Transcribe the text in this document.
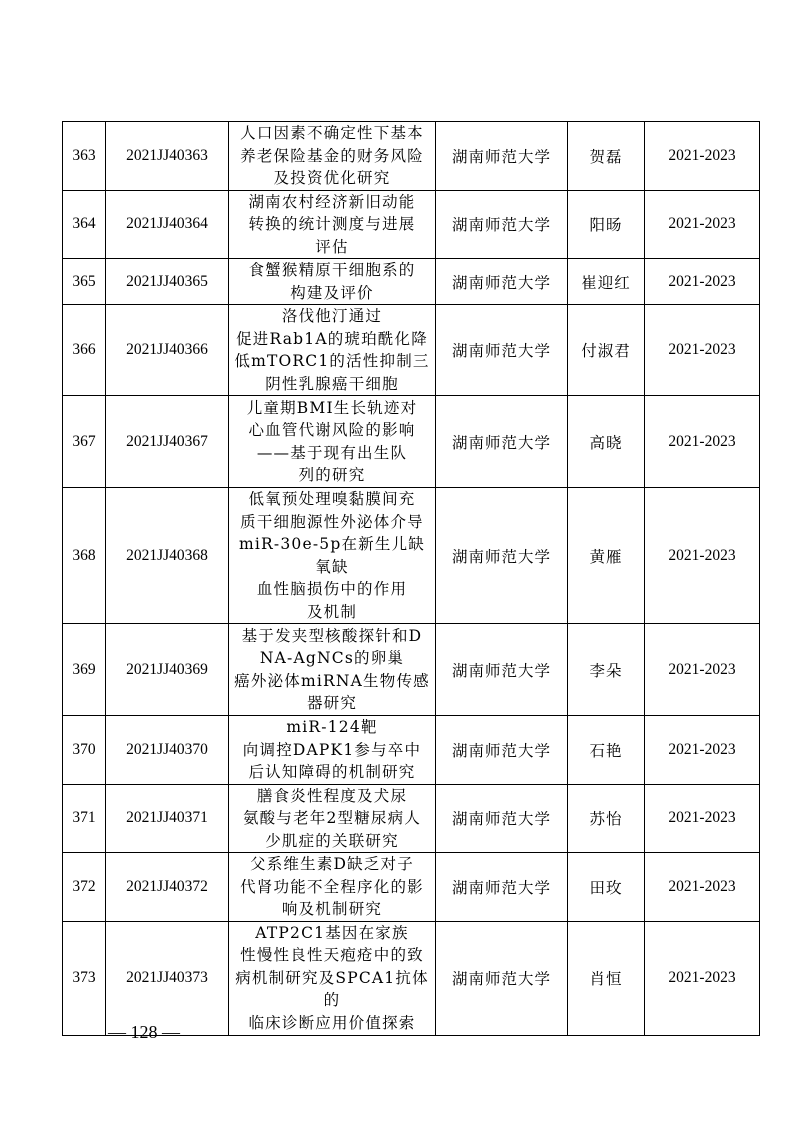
363	2021JJ40363	人口因素不确定性下基本
养老保险基金的财务风险
及投资优化研究	湖南师范大学	贺磊	2021-2023
364	2021JJ40364	湖南农村经济新旧动能
转换的统计测度与进展
评估	湖南师范大学	阳旸	2021-2023
365	2021JJ40365	食蟹猴精原干细胞系的
构建及评价	湖南师范大学	崔迎红	2021-2023
366	2021JJ40366	洛伐他汀通过
促进Rab1A的琥珀酰化降
低mTORC1的活性抑制三阴性乳腺癌干细胞	湖南师范大学	付淑君	2021-2023
367	2021JJ40367	儿童期BMI生长轨迹对
心血管代谢风险的影响
——基于现有出生队
列的研究	湖南师范大学	高晓	2021-2023
368	2021JJ40368	低氧预处理嗅黏膜间充
质干细胞源性外泌体介导
miR-30e-5p在新生儿缺氧缺
血性脑损伤中的作用
及机制	湖南师范大学	黄雁	2021-2023
369	2021JJ40369	基于发夹型核酸探针和D
NA-AgNCs的卵巢
癌外泌体miRNA生物传感
器研究	湖南师范大学	李朵	2021-2023
370	2021JJ40370	miR-124靶
向调控DAPK1参与卒中
后认知障碍的机制研究	湖南师范大学	石艳	2021-2023
371	2021JJ40371	膳食炎性程度及犬尿
氨酸与老年2型糖尿病人
少肌症的关联研究	湖南师范大学	苏怡	2021-2023
372	2021JJ40372	父系维生素D缺乏对子
代肾功能不全程序化的影
响及机制研究	湖南师范大学	田玫	2021-2023
373	2021JJ40373	ATP2C1基因在家族
性慢性良性天疱疮中的致
病机制研究及SPCA1抗体的
临床诊断应用价值探索	湖南师范大学	肖恒	2021-2023
— 128 —
